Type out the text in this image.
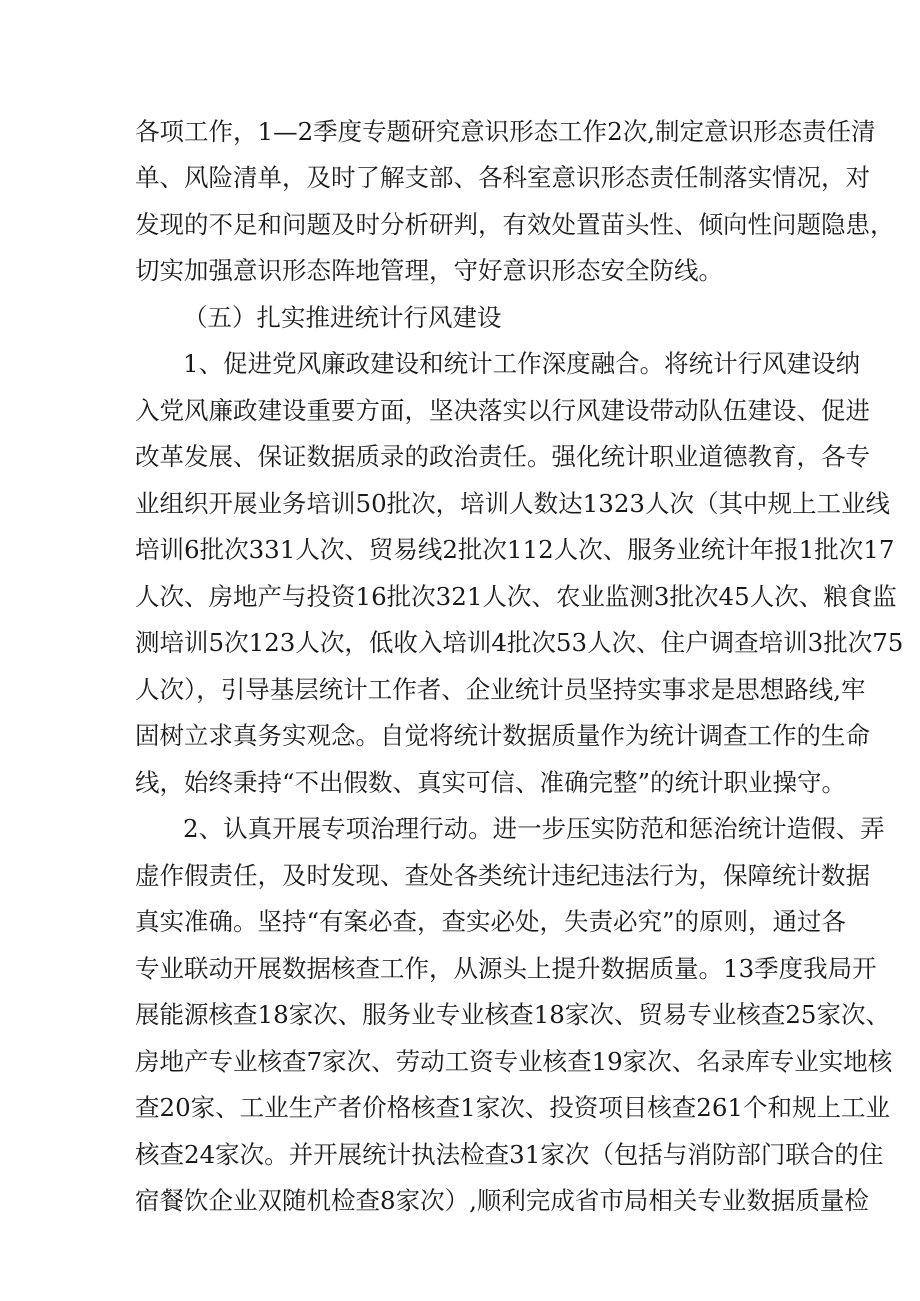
各项工作，1—2季度专题研究意识形态工作2次,制定意识形态责任清

单、风险清单，及时了解支部、各科室意识形态责任制落实情况，对

发现的不足和问题及时分析研判，有效处置苗头性、倾向性问题隐患，

切实加强意识形态阵地管理，守好意识形态安全防线。

（五）扎实推进统计行风建设

1、促进党风廉政建设和统计工作深度融合。将统计行风建设纳

入党风廉政建设重要方面，坚决落实以行风建设带动队伍建设、促进

改革发展、保证数据质录的政治责任。强化统计职业道德教育，各专

业组织开展业务培训50批次，培训人数达1323人次（其中规上工业线

培训6批次331人次、贸易线2批次112人次、服务业统计年报1批次17

人次、房地产与投资16批次321人次、农业监测3批次45人次、粮食监

测培训5次123人次，低收入培训4批次53人次、住户调查培训3批次75

人次），引导基层统计工作者、企业统计员坚持实事求是思想路线,牢

固树立求真务实观念。自觉将统计数据质量作为统计调查工作的生命

线，始终秉持“不出假数、真实可信、准确完整”的统计职业操守。

2、认真开展专项治理行动。进一步压实防范和惩治统计造假、弄

虚作假责任，及时发现、查处各类统计违纪违法行为，保障统计数据

真实准确。坚持“有案必查，查实必处，失责必究”的原则，通过各

专业联动开展数据核查工作，从源头上提升数据质量。13季度我局开

展能源核查18家次、服务业专业核查18家次、贸易专业核查25家次、

房地产专业核查7家次、劳动工资专业核查19家次、名录库专业实地核

查20家、工业生产者价格核查1家次、投资项目核查261个和规上工业

核查24家次。并开展统计执法检查31家次（包括与消防部门联合的住

宿餐饮企业双随机检查8家次）,顺利完成省市局相关专业数据质量检
